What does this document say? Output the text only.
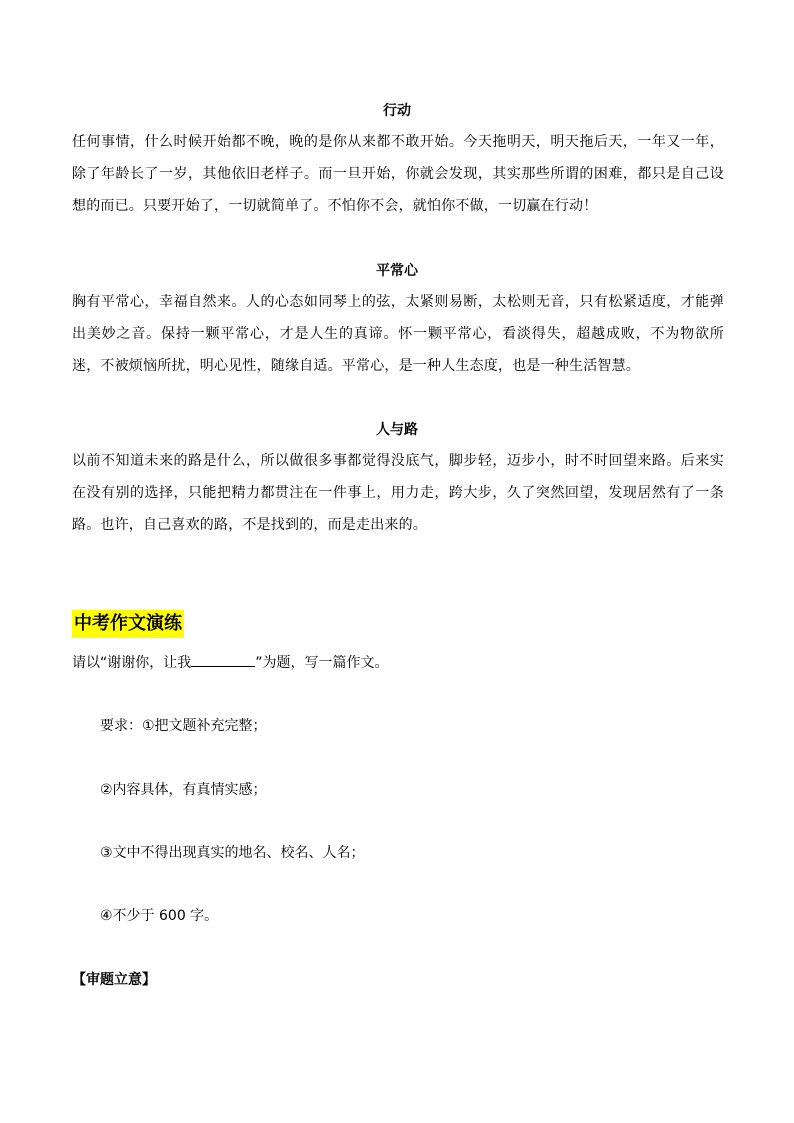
行动
任何事情，什么时候开始都不晚，晚的是你从来都不敢开始。今天拖明天，明天拖后天，一年又一年，除了年龄长了一岁，其他依旧老样子。而一旦开始，你就会发现，其实那些所谓的困难，都只是自己设想的而已。只要开始了，一切就简单了。不怕你不会，就怕你不做，一切赢在行动！
平常心
胸有平常心，幸福自然来。人的心态如同琴上的弦，太紧则易断，太松则无音，只有松紧适度，才能弹出美妙之音。保持一颗平常心，才是人生的真谛。怀一颗平常心，看淡得失，超越成败，不为物欲所迷，不被烦恼所扰，明心见性，随缘自适。平常心，是一种人生态度，也是一种生活智慧。
人与路
以前不知道未来的路是什么，所以做很多事都觉得没底气，脚步轻，迈步小，时不时回望来路。后来实在没有别的选择，只能把精力都贯注在一件事上，用力走，跨大步，久了突然回望，发现居然有了一条路。也许，自己喜欢的路，不是找到的，而是走出来的。
中考作文演练
请以“谢谢你，让我	”为题，写一篇作文。
要求：①把文题补充完整；
②内容具体，有真情实感；
③文中不得出现真实的地名、校名、人名；
④不少于 600 字。
【审题立意】
